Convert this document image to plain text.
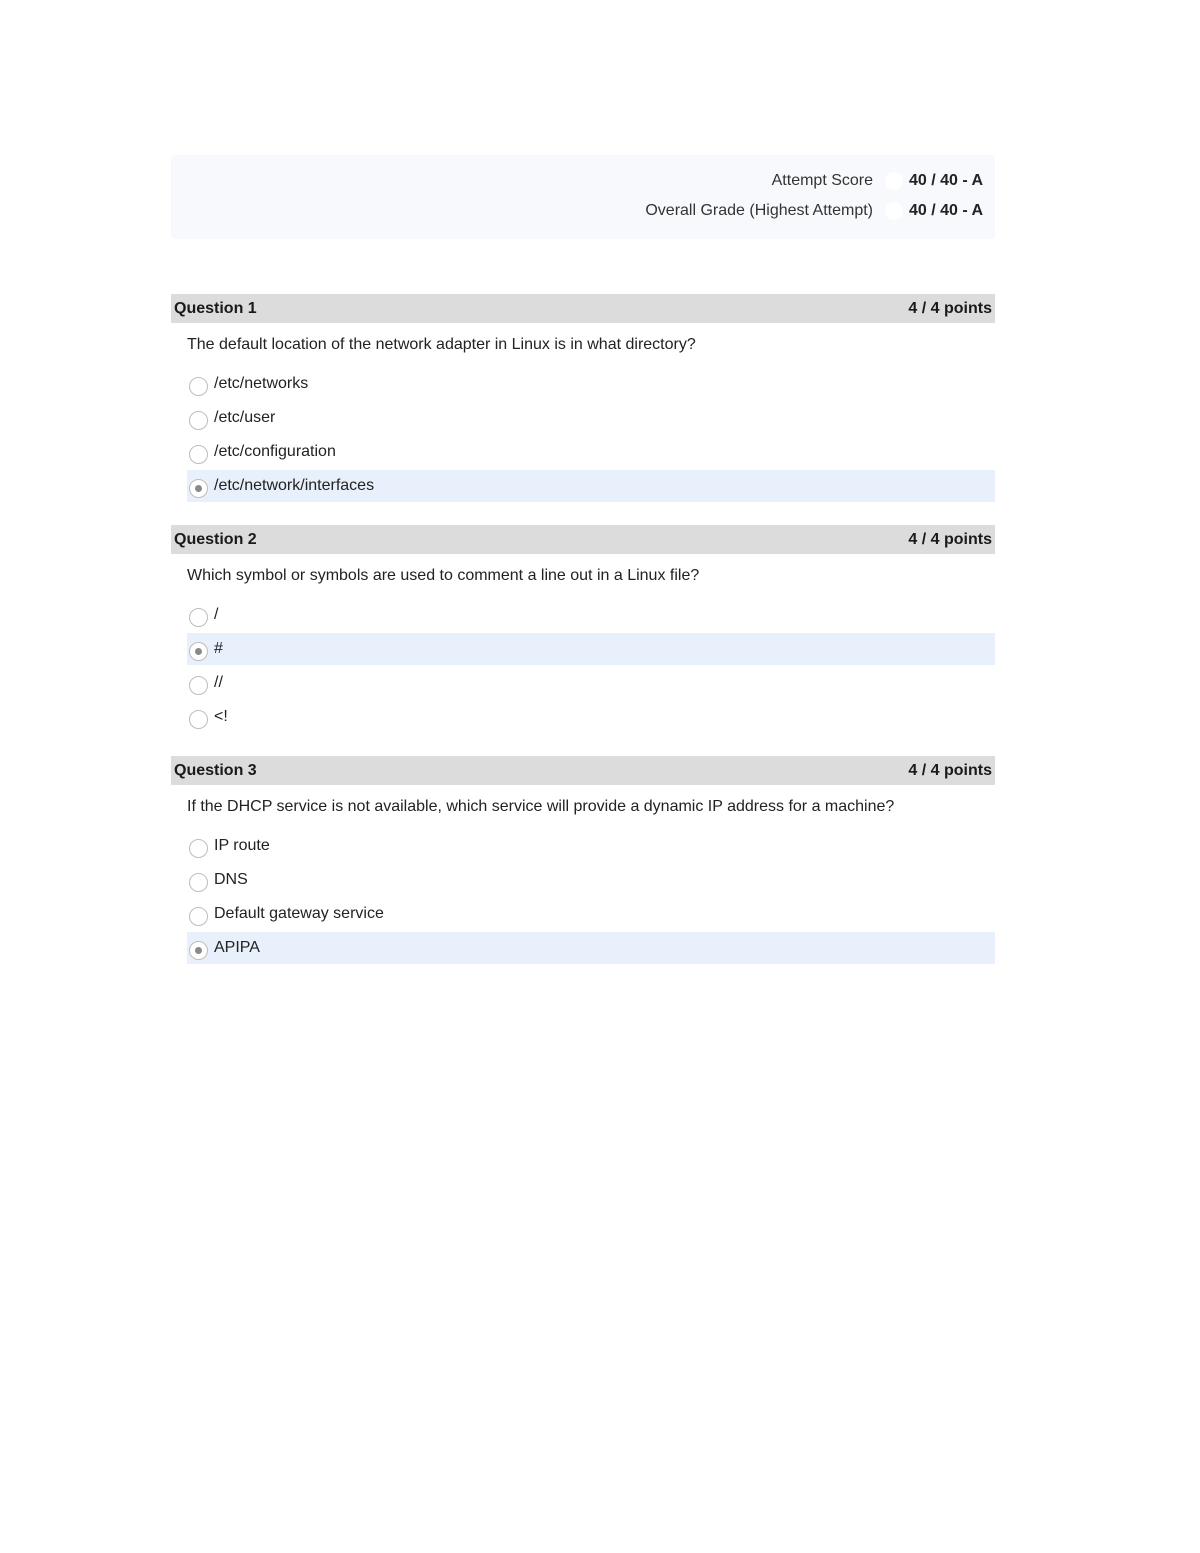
Attempt Score 40 / 40 - A
Overall Grade (Highest Attempt) 40 / 40 - A
Question 1	4 / 4 points
The default location of the network adapter in Linux is in what directory?
/etc/networks
/etc/user
/etc/configuration
/etc/network/interfaces
Question 2	4 / 4 points
Which symbol or symbols are used to comment a line out in a Linux file?
/
#
//
<!
Question 3	4 / 4 points
If the DHCP service is not available, which service will provide a dynamic IP address for a machine?
IP route
DNS
Default gateway service
APIPA
